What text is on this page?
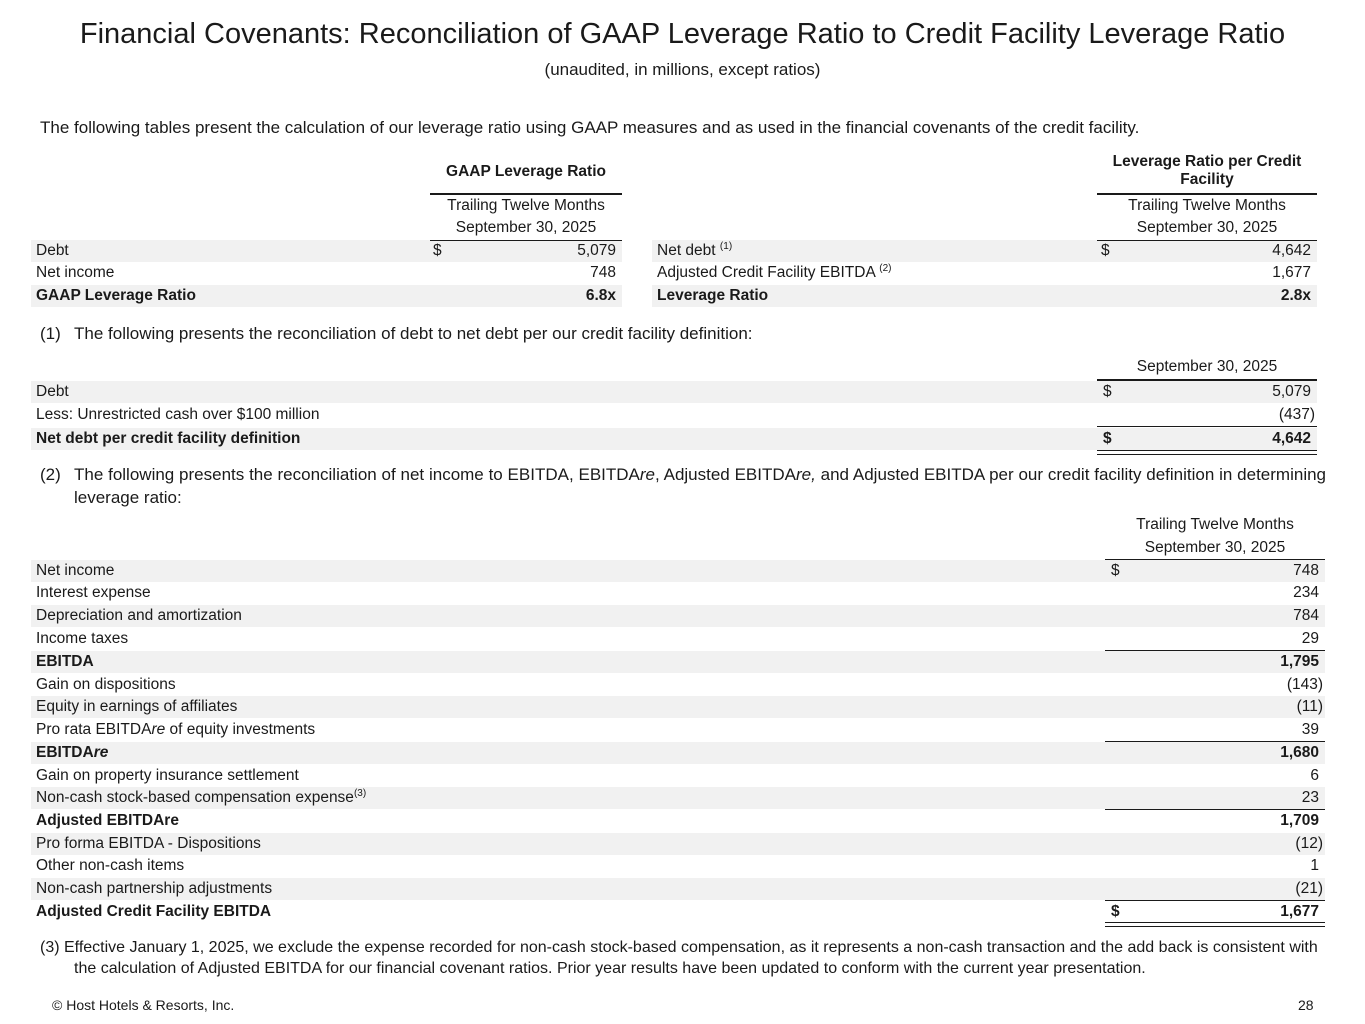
Financial Covenants: Reconciliation of GAAP Leverage Ratio to Credit Facility Leverage Ratio
(unaudited, in millions, except ratios)
The following tables present the calculation of our leverage ratio using GAAP measures and as used in the financial covenants of the credit facility.
GAAP Leverage Ratio
Trailing Twelve Months
September 30, 2025
Leverage Ratio per Credit Facility
Trailing Twelve Months
September 30, 2025
Debt	$	5,079
Net income	748
GAAP Leverage Ratio	6.8x
Net debt $^{(1)}$	$	4,642
Adjusted Credit Facility EBITDA $^{(2)}$	1,677
Leverage Ratio	2.8x
(1) The following presents the reconciliation of debt to net debt per our credit facility definition:
September 30, 2025
Debt	$	5,079
Less: Unrestricted cash over $100 million	(437)
Net debt per credit facility definition	$	4,642
(2) The following presents the reconciliation of net income to EBITDA, EBITDAre, Adjusted EBITDAre, and Adjusted EBITDA per our credit facility definition in determining leverage ratio:
Trailing Twelve Months
September 30, 2025
Net income	$	748
Interest expense	234
Depreciation and amortization	784
Income taxes	29
EBITDA	1,795
Gain on dispositions	(143)
Equity in earnings of affiliates	(11)
Pro rata EBITDAre of equity investments	39
EBITDAre	1,680
Gain on property insurance settlement	6
Non-cash stock-based compensation expense$^{(3)}$	23
Adjusted EBITDAre	1,709
Pro forma EBITDA - Dispositions	(12)
Other non-cash items	1
Non-cash partnership adjustments	(21)
Adjusted Credit Facility EBITDA	$	1,677
(3) Effective January 1, 2025, we exclude the expense recorded for non-cash stock-based compensation, as it represents a non-cash transaction and the add back is consistent with
the calculation of Adjusted EBITDA for our financial covenant ratios. Prior year results have been updated to conform with the current year presentation.
© Host Hotels & Resorts, Inc.	28
